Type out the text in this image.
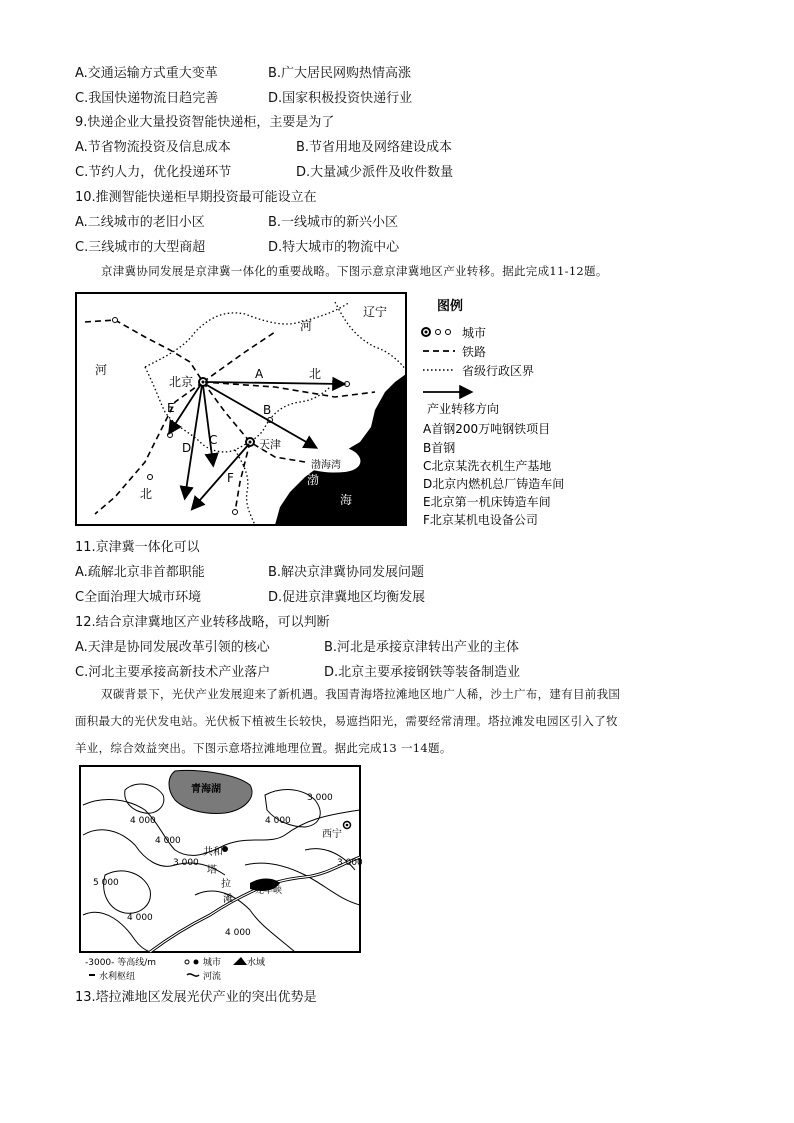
A.交通运输方式重大变革	B.广大居民网购热情高涨
C.我国快递物流日趋完善	D.国家积极投资快递行业
9.快递企业大量投资智能快递柜，主要是为了
A.节省物流投资及信息成本	B.节省用地及网络建设成本
C.节约人力，优化投递环节	D.大量减少派件及收件数量
10.推测智能快递柜早期投资最可能设立在
A.二线城市的老旧小区	B.一线城市的新兴小区
C.三线城市的大型商超	D.特大城市的物流中心
京津冀协同发展是京津冀一体化的重要战略。下图示意京津冀地区产业转移。据此完成11-12题。
辽宁
河
河	北
北
北京
天津
渤海湾
渤
海
A
B
C
D
E
F
图例
城市
铁路
省级行政区界
产业转移方向
A首钢200万吨钢铁项目
B首钢
C北京某洗衣机生产基地
D北京内燃机总厂铸造车间
E北京第一机床铸造车间
F北京某机电设备公司
11.京津冀一体化可以
A.疏解北京非首都职能	B.解决京津冀协同发展问题
C全面治理大城市环境	D.促进京津冀地区均衡发展
12.结合京津冀地区产业转移战略，可以判断
A.天津是协同发展改革引领的核心	B.河北是承接京津转出产业的主体
C.河北主要承接高新技术产业落户	D.北京主要承接钢铁等装备制造业
双碳背景下，光伏产业发展迎来了新机遇。我国青海塔拉滩地区地广人稀，沙土广布，建有目前我国
面积最大的光伏发电站。光伏板下植被生长较快，易遮挡阳光，需要经常清理。塔拉滩发电园区引入了牧
羊业，综合效益突出。下图示意塔拉滩地理位置。据此完成13 一14题。
青海湖
西宁
共和
塔
拉
滩
龙羊峡
3 000
3 000	3 000
4 000	4 000
4 000
4 000
5 000
4 000
-3000- 等高线/m	城市	水域
水利枢纽	河流
13.塔拉滩地区发展光伏产业的突出优势是
